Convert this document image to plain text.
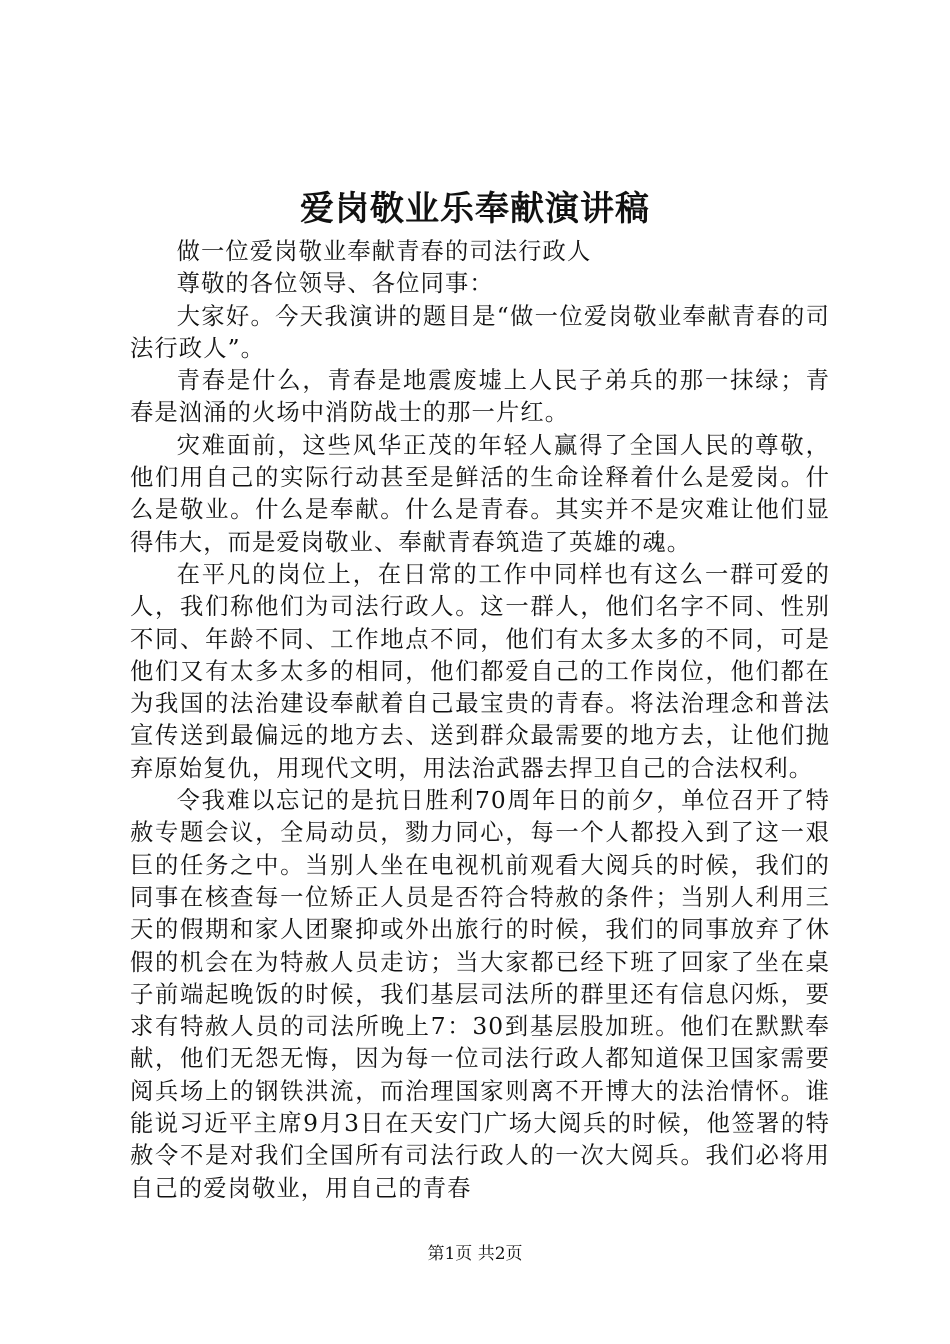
爱岗敬业乐奉献演讲稿

做一位爱岗敬业奉献青春的司法行政人

尊敬的各位领导、各位同事：

大家好。今天我演讲的题目是“做一位爱岗敬业奉献青春的司法行政人”。

青春是什么，青春是地震废墟上人民子弟兵的那一抹绿；青春是汹涌的火场中消防战士的那一片红。

灾难面前，这些风华正茂的年轻人赢得了全国人民的尊敬，他们用自己的实际行动甚至是鲜活的生命诠释着什么是爱岗。什么是敬业。什么是奉献。什么是青春。其实并不是灾难让他们显得伟大，而是爱岗敬业、奉献青春筑造了英雄的魂。

在平凡的岗位上，在日常的工作中同样也有这么一群可爱的人，我们称他们为司法行政人。这一群人，他们名字不同、性别不同、年龄不同、工作地点不同，他们有太多太多的不同，可是他们又有太多太多的相同，他们都爱自己的工作岗位，他们都在为我国的法治建设奉献着自己最宝贵的青春。将法治理念和普法宣传送到最偏远的地方去、送到群众最需要的地方去，让他们抛弃原始复仇，用现代文明，用法治武器去捍卫自己的合法权利。

令我难以忘记的是抗日胜利70周年日的前夕，单位召开了特赦专题会议，全局动员，勠力同心，每一个人都投入到了这一艰巨的任务之中。当别人坐在电视机前观看大阅兵的时候，我们的同事在核查每一位矫正人员是否符合特赦的条件；当别人利用三天的假期和家人团聚抑或外出旅行的时候，我们的同事放弃了休假的机会在为特赦人员走访；当大家都已经下班了回家了坐在桌子前端起晚饭的时候，我们基层司法所的群里还有信息闪烁，要求有特赦人员的司法所晚上7：30到基层股加班。他们在默默奉献，他们无怨无悔，因为每一位司法行政人都知道保卫国家需要阅兵场上的钢铁洪流，而治理国家则离不开博大的法治情怀。谁能说习近平主席9月3日在天安门广场大阅兵的时候，他签署的特赦令不是对我们全国所有司法行政人的一次大阅兵。我们必将用自己的爱岗敬业，用自己的青春

第1页 共2页
